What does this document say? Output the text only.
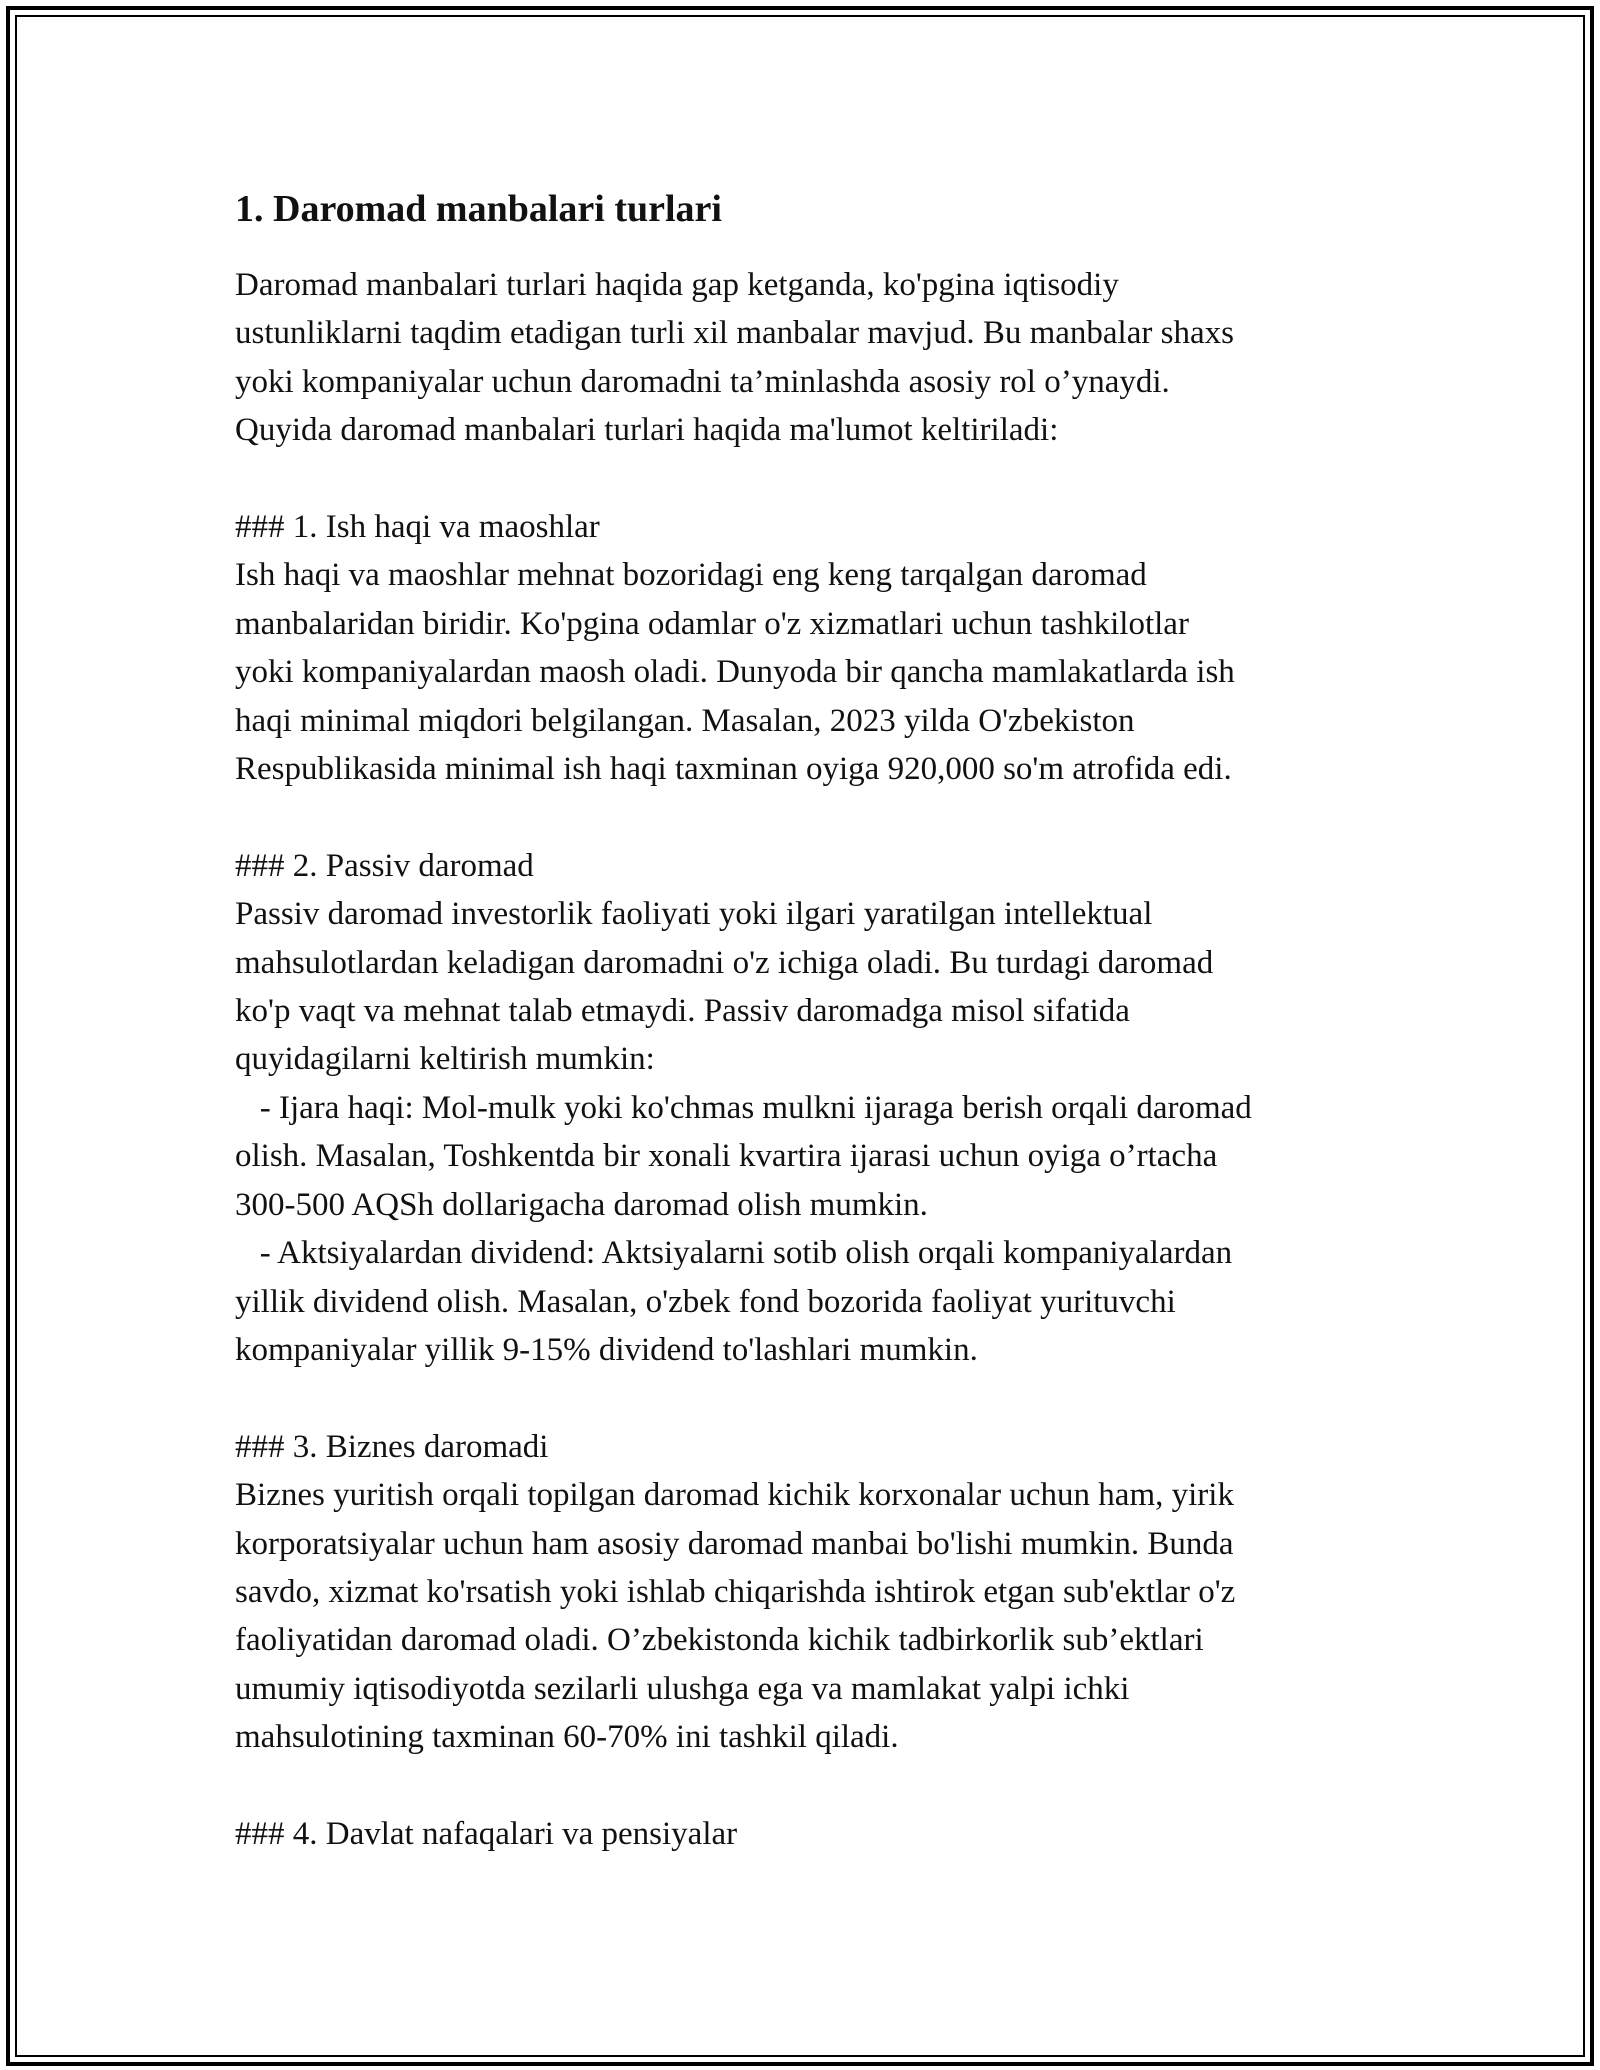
1. Daromad manbalari turlari

Daromad manbalari turlari haqida gap ketganda, ko'pgina iqtisodiy
ustunliklarni taqdim etadigan turli xil manbalar mavjud. Bu manbalar shaxs
yoki kompaniyalar uchun daromadni ta’minlashda asosiy rol o’ynaydi.
Quyida daromad manbalari turlari haqida ma'lumot keltiriladi:

### 1. Ish haqi va maoshlar

Ish haqi va maoshlar mehnat bozoridagi eng keng tarqalgan daromad
manbalaridan biridir. Ko'pgina odamlar o'z xizmatlari uchun tashkilotlar
yoki kompaniyalardan maosh oladi. Dunyoda bir qancha mamlakatlarda ish
haqi minimal miqdori belgilangan. Masalan, 2023 yilda O'zbekiston
Respublikasida minimal ish haqi taxminan oyiga 920,000 so'm atrofida edi.

### 2. Passiv daromad

Passiv daromad investorlik faoliyati yoki ilgari yaratilgan intellektual
mahsulotlardan keladigan daromadni o'z ichiga oladi. Bu turdagi daromad
ko'p vaqt va mehnat talab etmaydi. Passiv daromadga misol sifatida
quyidagilarni keltirish mumkin:
- Ijara haqi: Mol-mulk yoki ko'chmas mulkni ijaraga berish orqali daromad
olish. Masalan, Toshkentda bir xonali kvartira ijarasi uchun oyiga o’rtacha
300-500 AQSh dollarigacha daromad olish mumkin.
- Aktsiyalardan dividend: Aktsiyalarni sotib olish orqali kompaniyalardan
yillik dividend olish. Masalan, o'zbek fond bozorida faoliyat yurituvchi
kompaniyalar yillik 9-15% dividend to'lashlari mumkin.

### 3. Biznes daromadi

Biznes yuritish orqali topilgan daromad kichik korxonalar uchun ham, yirik
korporatsiyalar uchun ham asosiy daromad manbai bo'lishi mumkin. Bunda
savdo, xizmat ko'rsatish yoki ishlab chiqarishda ishtirok etgan sub'ektlar o'z
faoliyatidan daromad oladi. O’zbekistonda kichik tadbirkorlik sub’ektlari
umumiy iqtisodiyotda sezilarli ulushga ega va mamlakat yalpi ichki
mahsulotining taxminan 60-70% ini tashkil qiladi.

### 4. Davlat nafaqalari va pensiyalar
